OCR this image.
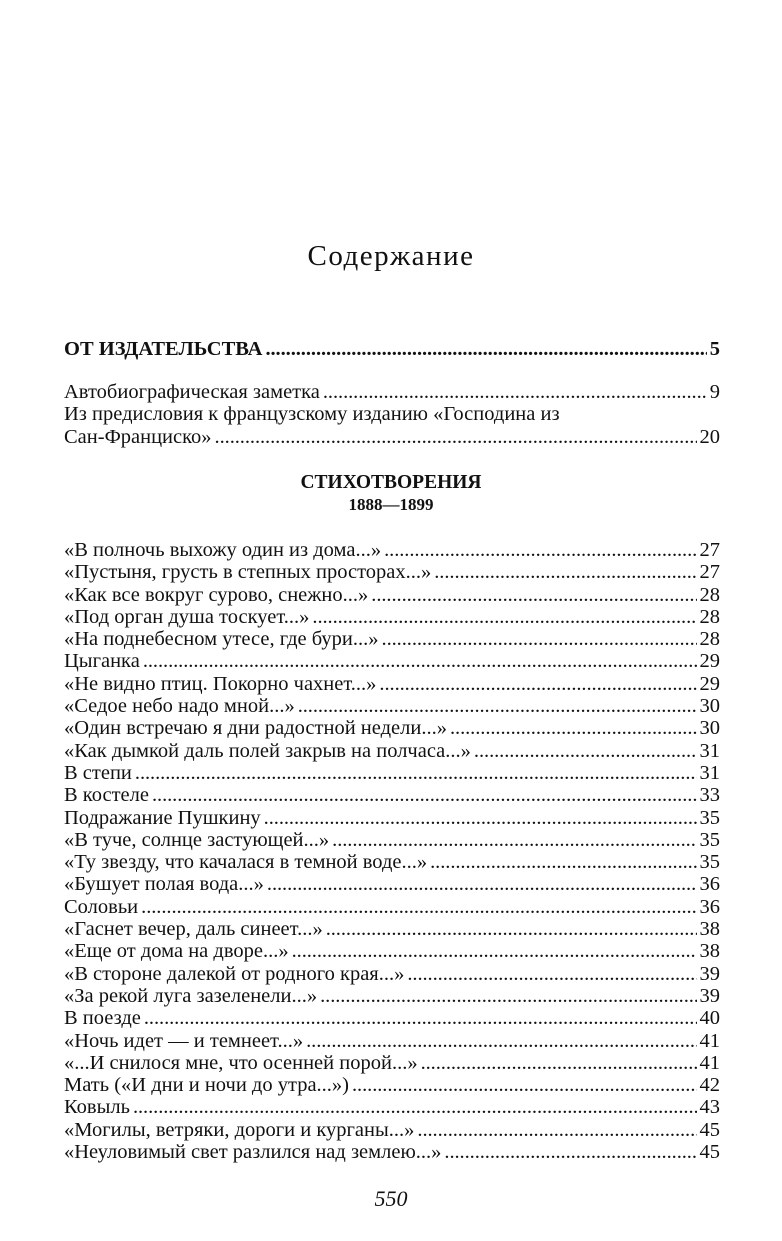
Содержание
ОТ ИЗДАТЕЛЬСТВА . . .	5
Автобиографическая заметка . . .	9
Из предисловия к французскому изданию «Господина из
Сан-Франциско» . . .	20
СТИХОТВОРЕНИЯ
1888—1899
«В полночь выхожу один из дома...» . . .	27
«Пустыня, грусть в степных просторах...» . . .	27
«Как все вокруг сурово, снежно...» . . .	28
«Под орган душа тоскует...» . . .	28
«На поднебесном утесе, где бури...» . . .	28
Цыганка . . .	29
«Не видно птиц. Покорно чахнет...» . . .	29
«Седое небо надо мной...» . . .	30
«Один встречаю я дни радостной недели...» . . .	30
«Как дымкой даль полей закрыв на полчаса...» . . .	31
В степи . . .	31
В костеле . . .	33
Подражание Пушкину . . .	35
«В туче, солнце застующей...» . . .	35
«Ту звезду, что качалася в темной воде...» . . .	35
«Бушует полая вода...» . . .	36
Соловьи . . .	36
«Гаснет вечер, даль синеет...» . . .	38
«Еще от дома на дворе...» . . .	38
«В стороне далекой от родного края...» . . .	39
«За рекой луга зазеленели...» . . .	39
В поезде . . .	40
«Ночь идет — и темнеет...» . . .	41
«...И снилося мне, что осенней порой...» . . .	41
Мать («И дни и ночи до утра...») . . .	42
Ковыль . . .	43
«Могилы, ветряки, дороги и курганы...» . . .	45
«Неуловимый свет разлился над землею...» . . .	45
550
